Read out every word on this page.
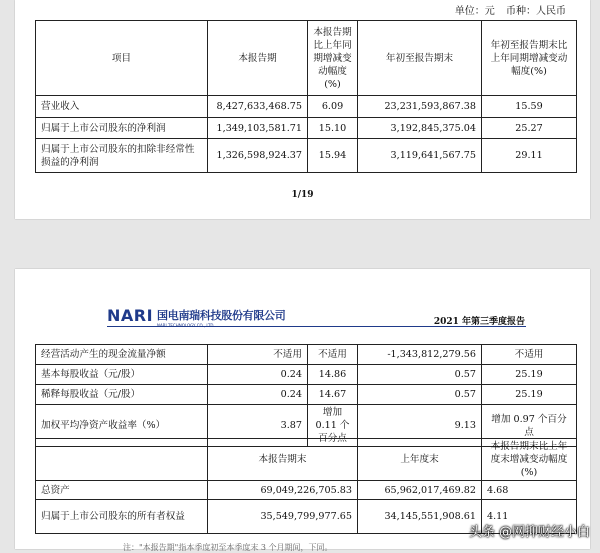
单位：元 币种：人民币
项目	本报告期	本报告期比上年同期增减变动幅度(%)	年初至报告期末	年初至报告期末比上年同期增减变动幅度(%)
营业收入	8,427,633,468.75	6.09	23,231,593,867.38	15.59
归属于上市公司股东的净利润	1,349,103,581.71	15.10	3,192,845,375.04	25.27
归属于上市公司股东的扣除非经常性损益的净利润	1,326,598,924.37	15.94	3,119,641,567.75	29.11
1/19
NARI 国电南瑞科技股份有限公司
NARI TECHNOLOGY CO., LTD.	2021 年第三季度报告
经营活动产生的现金流量净额	不适用	不适用	-1,343,812,279.56	不适用
基本每股收益（元/股）	0.24	14.86	0.57	25.19
稀释每股收益（元/股）	0.24	14.67	0.57	25.19
加权平均净资产收益率（%）	3.87	增加 0.11 个百分点	9.13	增加 0.97 个百分点
	本报告期末	上年度末	本报告期末比上年度末增减变动幅度(%)
总资产	69,049,226,705.83	65,962,017,469.82	4.68
归属于上市公司股东的所有者权益	35,549,799,977.65	34,145,551,908.61	4.11
注："本报告期"指本季度初至本季度末 3 个月期间，下同。
头条 @网抑财经小白
